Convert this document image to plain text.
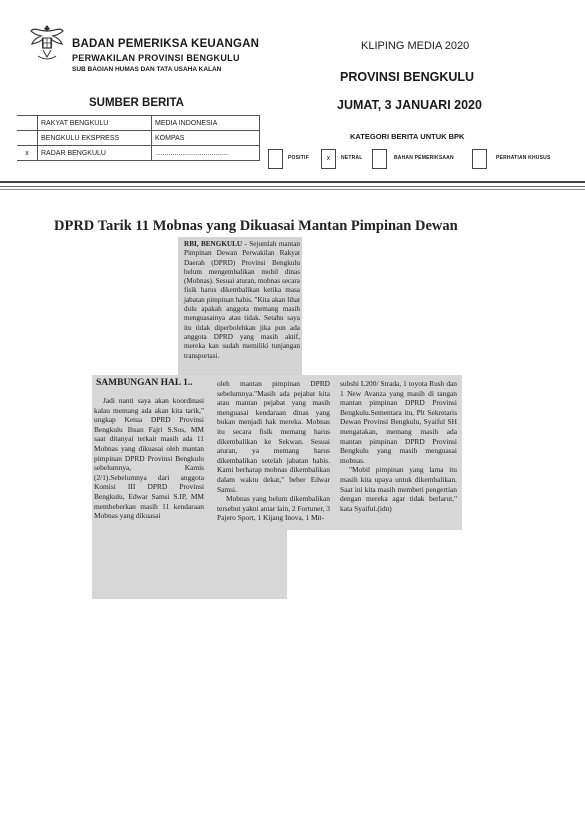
BADAN PEMERIKSA KEUANGAN
PERWAKILAN PROVINSI BENGKULU
SUB BAGIAN HUMAS DAN TATA USAHA KALAN
KLIPING MEDIA 2020
PROVINSI BENGKULU
JUMAT, 3 JANUARI 2020
SUMBER BERITA
	RAKYAT BENGKULU	MEDIA INDONESIA
	BENGKULU EKSPRESS	KOMPAS
x	RADAR BENGKULU	......................................
KATEGORI BERITA UNTUK BPK
POSITIF	x	NETRAL	BAHAN PEMERIKSAAN	PERHATIAN KHUSUS
DPRD Tarik 11 Mobnas yang Dikuasai Mantan Pimpinan Dewan
RBI, BENGKULU - Sejumlah mantan Pimpinan Dewan Perwakilan Rakyat Daerah (DPRD) Provinsi Bengkulu belum mengembalikan mobil dinas (Mobnas). Sesuai aturan, mobnas secara fisik harus dikembalikan ketika masa jabatan pimpinan habis. "Kita akan lihat dulu apakah anggota memang masih menguasainya atau tidak. Setahu saya itu tidak diperbolehkan jika pun ada anggota DPRD yang masih aktif, mereka kan sudah memiliki tunjangan transportasi.
SAMBUNGAN HAL 1..
Jadi nanti saya akan koordinasi kalau memang ada akan kita tarik," ungkap Ketua DPRD Provinsi Bengkulu Ihsan Fajri S.Sos, MM saat ditanyai terkait masih ada 11 Mobnas yang dikuasai oleh mantan pimpinan DPRD Provinsi Bengkulu sebelumnya, Kamis (2/1).Sebelumnya dari anggota Komisi III DPRD Provinsi Bengkulu, Edwar Samsi S.IP, MM membeberkan masih 11 kendaraan Mobnas yang dikuasai
oleh mantan pimpinan DPRD sebelumnya."Masih ada pejabat kita atau mantan pejabat yang masih menguasai kendaraan dinas yang bukan menjadi hak mereka. Mobnas itu secara fisik memang harus dikembalikan ke Sekwan. Sesuai aturan, ya memang harus dikembalikan setelah jabatan habis. Kami berharap mobnas dikembalikan dalam waktu dekat," beber Edwar Samsi.
Mobnas yang belum dikembalikan tersebut yakni antar lain, 2 Fortuner, 3 Pajero Sport, 1 Kijang Inova, 1 Mit-
subshi L200/ Strada, 1 toyota Rush dan 1 New Avanza yang masih di tangan mantan pimpinan DPRD Provinsi Bengkulu.Sementara itu, Plt Sekretaris Dewan Provinsi Bengkulu, Syaiful SH mengatakan, memang masih ada mantan pimpinan DPRD Provinsi Bengkulu yang masih menguasai mobnas.
"Mobil pimpinan yang lama itu masih kita upaya untuk dikembalikan. Saat ini kita masih memberi pengertian dengan mereka agar tidak berlarut," kata Syaiful.(idn)
